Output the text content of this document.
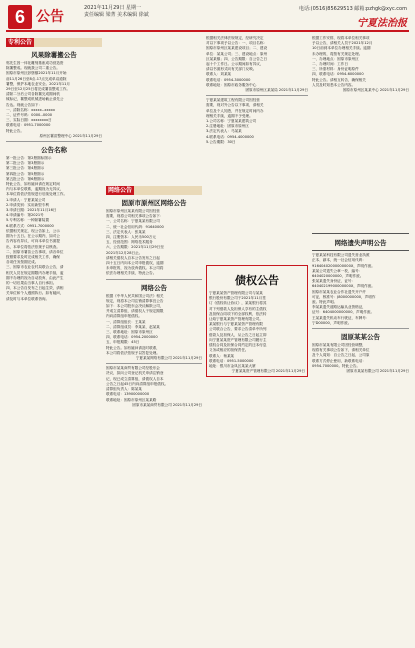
6 公告
2021年11月29日 星期一
责任编辑 梁菁 美术编辑 徐斌
电话:(0516)85629513 邮箱:pzhgk@xyc.com
宁夏法治报
专利公告
风果除薯搬公告

郭先生因一体化雕刻基座成功营造资

除薯整成。现就我公司二重公告。

固原市原州区彭堡镇2021年11月开始

前11月26日至8点-17点完成单双道除

薯整，保护本地农业安全。2021年11月

29日至12月25日将完成薯苗整成工作。

清除二分后公司各除薯完成期间机

械标记，薯整成机械进场截止请先公

告达。现就公告如下：

一、清除名称：xxxxx--xxxxx

二、证件号码：0000--0000

三、实际日期：xxxxxxxx日

联系电话：0951-7000000

特此公告。

原州区薯苗整理中心 2021年11月29日

公告名称

第一批公告：第2册图标图示

第二批公告：第3册图示

第三批公告：第4册图示

第四批公告：第5册图示

第五批公告：第6册图示

特此公告，如有疑问请在规定时间

内与本单位联系，逾期视为无异议，

本单位将依法依规进行后续处理工作。

1.申请人：宁夏某某公司

2.申请类别：实用新型专利

3.申请日期：2021年11月16日

4.申请编号：第2021号

5.专利名称：一种除薯装置

6.联系方式：0951-7000000

依据相关规定，现公告如上，公示

期为十五日。在公示期内，如对公

告内容有异议，可向本单位书面提

出，本单位将依法依规予以核查。

二、固原市薯苗公告事项，请各单位

按照要求及时完成相关工作，确保

各项任务按期完成。

三、固原市农业农村局联合公告，请

相关人员在规定期限内办理手续，逾

期不办理的视为自动放弃，由此产生

的一切后果由当事人自行承担。

四、本公告自发布之日起生效，请相

关单位和个人遵照执行。如有疑问，

请及时与本单位联系咨询。

网络公告
固原市原州区网络公告

固原市原州区某某有限公司因经营

需要，现将公司相关事项公告如下：

一、公司名称：宁夏某某有限公司

二、统一社会信用代码：91640000

三、法定代表人：张某某

四、注册资本：人民币500万元

五、经营范围：网络技术服务

六、公告期限：2021年11月29日至

2021年12月28日止。

请相关债权人自本公告发布之日起

四十五日内向本公司申报债权，逾期

未申报的，视为放弃债权。本公司将

依法办理相关手续，特此公告。

网络公告

根据《中华人民共和国公司法》相关

规定，现将本公司注销清算事宜公告

如下：本公司股东会决议解散公司，

并成立清算组，请债权人于规定期限

内向清算组申报债权。

一、清算组组长：王某某

二、清算组成员：李某某、赵某某

三、联系地址：固原市原州区

四、联系电话：0954-2000000

五、申报期限：45日

特此公告。如有疑问请及时联系，

本公司将依法依规予以答复处理。

宁夏某某网络有限公司 2021年11月29日

固原市某某商贸有限公司经股东会

决议，拟向公司登记机关申请注销登

记，现已成立清算组，请债权人自本

公告之日起45日内向清算组申报债权。

清算组负责人：陈某某

联系电话：13900000000

联系地址：固原市原州区某某路

固原市某某商贸有限公司 2021年11月29日

根据相关法律法规规定，经研究决定

对以下事项予以公告：一、项目名称：

固原市原州区某某建设项目；二、建设

单位：某某公司；三、建设地点：原州

区某某镇；四、公告期限：自公告之日

起十个工作日。公示期间如有异议，

请以书面形式向有关部门反映。

联系人：刘某某

联系电话：0954-3000000

联系地址：固原市政务服务中心

固原市原州区某某局 2021年11月29日

宁夏某某建筑工程有限公司因经营

需要，现对外公告以下事项，请相关

单位及个人知悉，并在规定时间内办

理相关手续，逾期不予受理。

1.公司名称：宁夏某某建筑公司

2.注册地址：固原市原州区

3.法定代表人：马某某

4.联系电话：0954-4000000

5.公告期限：30日

债权公告

宁夏某某资产管理有限公司与某某

银行股份有限公司于2021年11月签

订《债权转让协议》，某某银行将其

对下列借款人及担保人享有的主债权

及担保合同项下的全部权利，依法转

让给宁夏某某资产管理有限公司。

某某银行与宁夏某某资产管理有限

公司联合公告，要求公告清单中所列

借款人及担保人，从公告之日起立即

向宁夏某某资产管理有限公司履行主

债权合同及担保合同约定的还本付息

义务或相应的担保责任。

联系人：杨某某

联系电话：0951-5000000

地址：银川市金凤区某某大厦

宁夏某某资产管理有限公司 2021年11月29日

根据工作安排，现将本单位相关事项

予以公告，请相关人员于2021年12月

10日前到本单位办理相关手续。逾期

未办理的，将按有关规定处理。

一、办理地点：固原市原州区

二、办理时间：工作日

三、所需材料：身份证明原件

四、联系电话：0954-6000000

特此公告。请相互转告，确保相关

人员及时知悉本公告内容。

固原市原州区某某中心 2021年11月29日

网络遗失声明公告

宁夏某某科技有限公司遗失营业执照

正本、副本，统一社会信用代码：

91640402000000000X，声明作废。

某某公司遗失公章一枚，编号：

6404020000000，声明作废。

张某某遗失身份证，证号：

64040219900000000X，声明作废。

固原市某某农业合作社遗失开户许

可证，核准号：J8000000000，声明作

废。特此声明。

李某某遗失道路运输从业资格证，

证号：6404000000000，声明作废。

王某某遗失机动车行驶证，车牌号：

宁D00000，声明作废。

固原某某公告

固原市某某有限公司因经营调整，

现将有关事项公告如下，请相关单位

及个人周知：自公告之日起，公司原

联系方式停止使用，新联系电话：

0954-7000000。特此公告。

固原市某某有限公司 2021年11月29日
